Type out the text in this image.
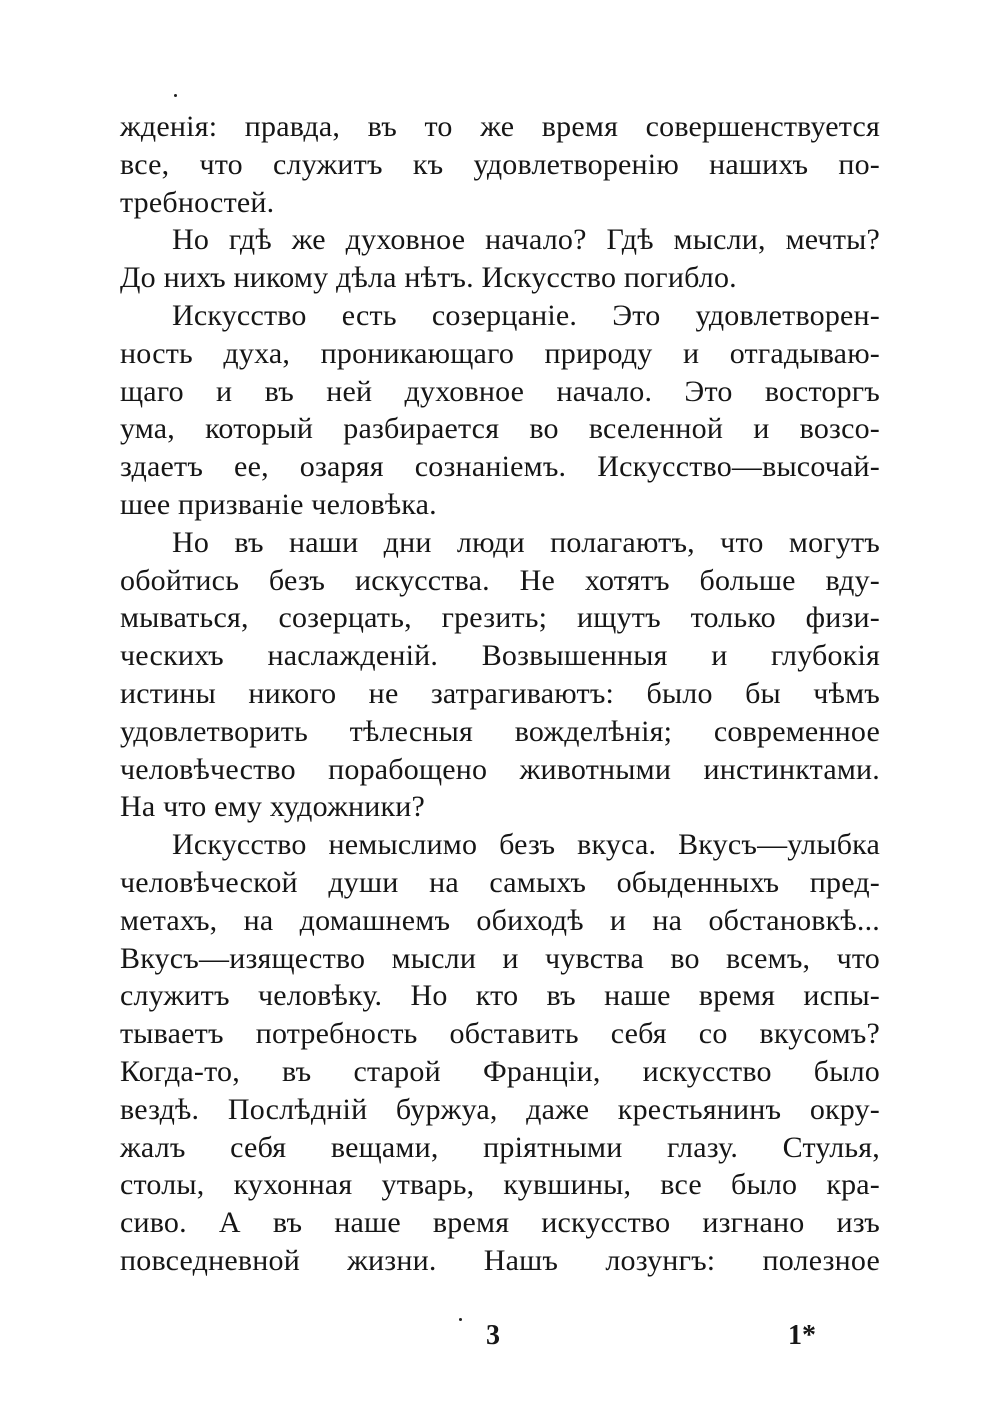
жденія: правда, въ то же время совершенствуется
все, что служитъ къ удовлетворенію нашихъ по-
требностей.
Но гдѣ же духовное начало? Гдѣ мысли, мечты?
До нихъ никому дѣла нѣтъ. Искусство погибло.
Искусство есть созерцаніе. Это удовлетворен-
ность духа, проникающаго природу и отгадываю-
щаго и въ ней духовное начало. Это восторгъ
ума, который разбирается во вселенной и возсо-
здаетъ ее, озаряя сознаніемъ. Искусство—высочай-
шее призваніе человѣка.
Но въ наши дни люди полагаютъ, что могутъ
обойтись безъ искусства. Не хотятъ больше вду-
мываться, созерцать, грезить; ищутъ только физи-
ческихъ наслажденій. Возвышенныя и глубокія
истины никого не затрагиваютъ: было бы чѣмъ
удовлетворить тѣлесныя вожделѣнія; современное
человѣчество порабощено животными инстинктами.
На что ему художники?
Искусство немыслимо безъ вкуса. Вкусъ—улыбка
человѣческой души на самыхъ обыденныхъ пред-
метахъ, на домашнемъ обиходѣ и на обстановкѣ...
Вкусъ—изящество мысли и чувства во всемъ, что
служитъ человѣку. Но кто въ наше время испы-
тываетъ потребность обставить себя со вкусомъ?
Когда-то, въ старой Франціи, искусство было
вездѣ. Послѣдній буржуа, даже крестьянинъ окру-
жалъ себя вещами, пріятными глазу. Стулья,
столы, кухонная утварь, кувшины, все было кра-
сиво. А въ наше время искусство изгнано изъ
повседневной жизни. Нашъ лозунгъ: полезное
3	1*
